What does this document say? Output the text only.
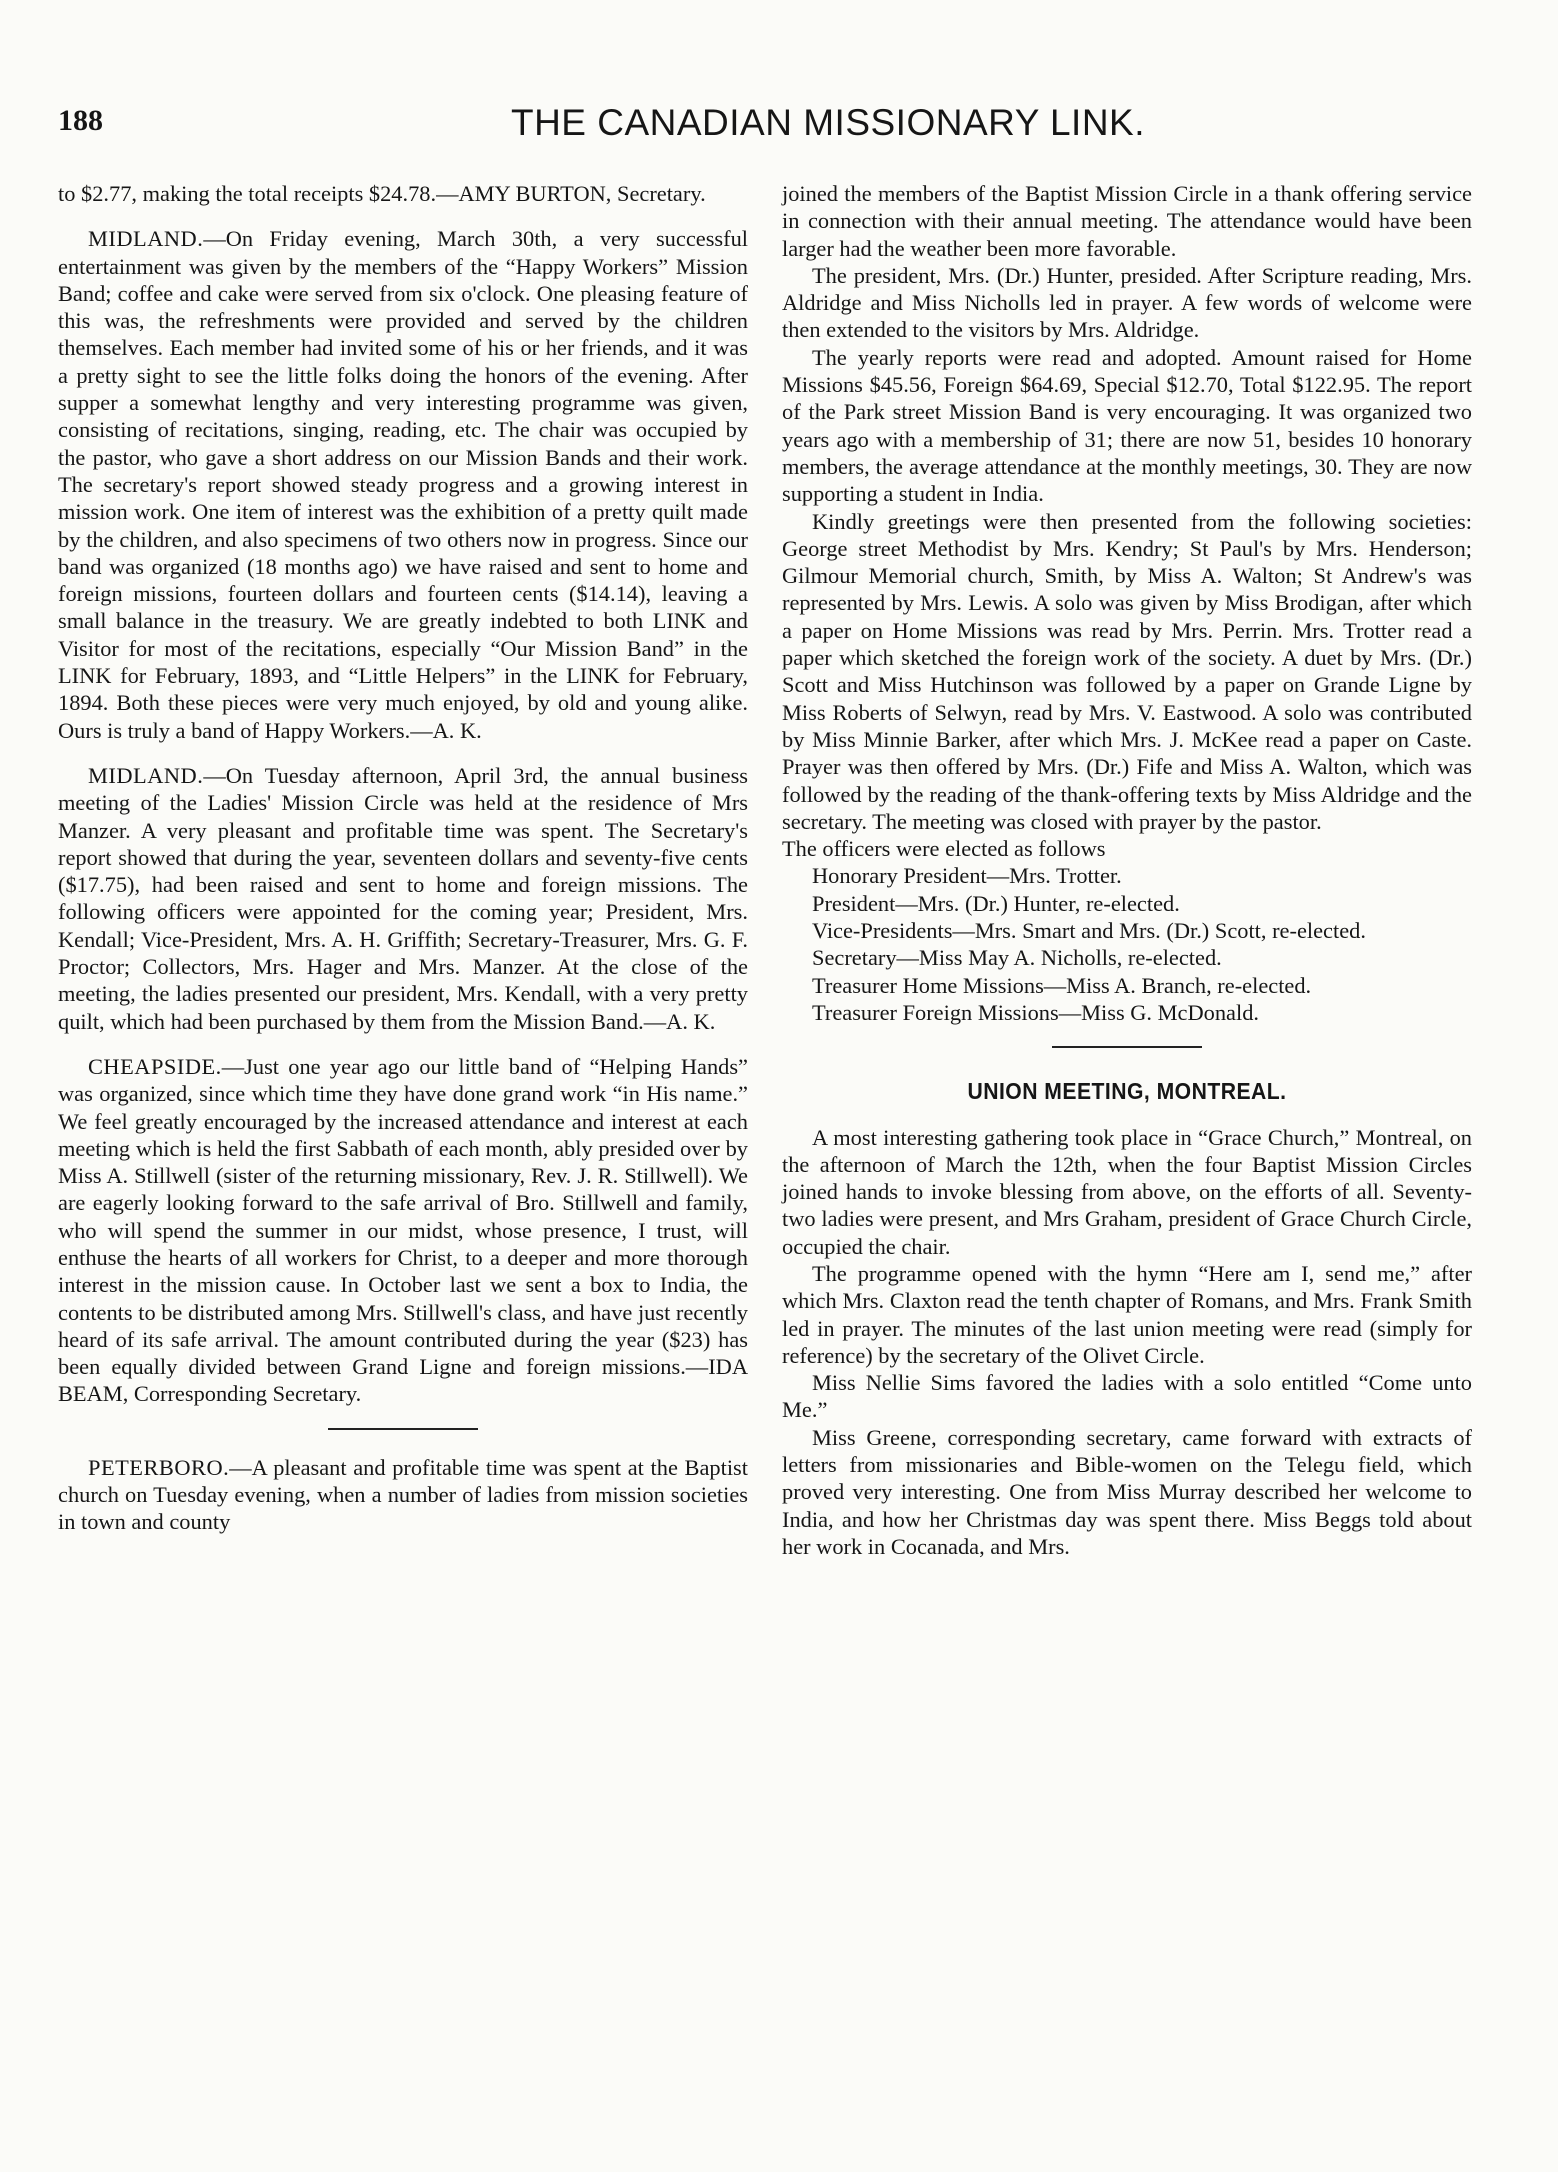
188	THE CANADIAN MISSIONARY LINK.

to $2.77, making the total receipts $24.78.—AMY BURTON, Secretary.

MIDLAND.—On Friday evening, March 30th, a very successful entertainment was given by the members of the “Happy Workers” Mission Band; coffee and cake were served from six o'clock. One pleasing feature of this was, the refreshments were provided and served by the children themselves. Each member had invited some of his or her friends, and it was a pretty sight to see the little folks doing the honors of the evening. After supper a somewhat lengthy and very interesting programme was given, consisting of recitations, singing, reading, etc. The chair was occupied by the pastor, who gave a short address on our Mission Bands and their work. The secretary's report showed steady progress and a growing interest in mission work. One item of interest was the exhibition of a pretty quilt made by the children, and also specimens of two others now in progress. Since our band was organized (18 months ago) we have raised and sent to home and foreign missions, fourteen dollars and fourteen cents ($14.14), leaving a small balance in the treasury. We are greatly indebted to both LINK and Visitor for most of the recitations, especially “Our Mission Band” in the LINK for February, 1893, and “Little Helpers” in the LINK for February, 1894. Both these pieces were very much enjoyed, by old and young alike. Ours is truly a band of Happy Workers.—A. K.

MIDLAND.—On Tuesday afternoon, April 3rd, the annual business meeting of the Ladies' Mission Circle was held at the residence of Mrs Manzer. A very pleasant and profitable time was spent. The Secretary's report showed that during the year, seventeen dollars and seventy-five cents ($17.75), had been raised and sent to home and foreign missions. The following officers were appointed for the coming year; President, Mrs. Kendall; Vice-President, Mrs. A. H. Griffith; Secretary-Treasurer, Mrs. G. F. Proctor; Collectors, Mrs. Hager and Mrs. Manzer. At the close of the meeting, the ladies presented our president, Mrs. Kendall, with a very pretty quilt, which had been purchased by them from the Mission Band.—A. K.

CHEAPSIDE.—Just one year ago our little band of “Helping Hands” was organized, since which time they have done grand work “in His name.” We feel greatly encouraged by the increased attendance and interest at each meeting which is held the first Sabbath of each month, ably presided over by Miss A. Stillwell (sister of the returning missionary, Rev. J. R. Stillwell). We are eagerly looking forward to the safe arrival of Bro. Stillwell and family, who will spend the summer in our midst, whose presence, I trust, will enthuse the hearts of all workers for Christ, to a deeper and more thorough interest in the mission cause. In October last we sent a box to India, the contents to be distributed among Mrs. Stillwell's class, and have just recently heard of its safe arrival. The amount contributed during the year ($23) has been equally divided between Grand Ligne and foreign missions.—IDA BEAM, Corresponding Secretary.

PETERBORO.—A pleasant and profitable time was spent at the Baptist church on Tuesday evening, when a number of ladies from mission societies in town and county

joined the members of the Baptist Mission Circle in a thank offering service in connection with their annual meeting. The attendance would have been larger had the weather been more favorable.

The president, Mrs. (Dr.) Hunter, presided. After Scripture reading, Mrs. Aldridge and Miss Nicholls led in prayer. A few words of welcome were then extended to the visitors by Mrs. Aldridge.

The yearly reports were read and adopted. Amount raised for Home Missions $45.56, Foreign $64.69, Special $12.70, Total $122.95. The report of the Park street Mission Band is very encouraging. It was organized two years ago with a membership of 31; there are now 51, besides 10 honorary members, the average attendance at the monthly meetings, 30. They are now supporting a student in India.

Kindly greetings were then presented from the following societies: George street Methodist by Mrs. Kendry; St Paul's by Mrs. Henderson; Gilmour Memorial church, Smith, by Miss A. Walton; St Andrew's was represented by Mrs. Lewis. A solo was given by Miss Brodigan, after which a paper on Home Missions was read by Mrs. Perrin. Mrs. Trotter read a paper which sketched the foreign work of the society. A duet by Mrs. (Dr.) Scott and Miss Hutchinson was followed by a paper on Grande Ligne by Miss Roberts of Selwyn, read by Mrs. V. Eastwood. A solo was contributed by Miss Minnie Barker, after which Mrs. J. McKee read a paper on Caste. Prayer was then offered by Mrs. (Dr.) Fife and Miss A. Walton, which was followed by the reading of the thank-offering texts by Miss Aldridge and the secretary. The meeting was closed with prayer by the pastor.

The officers were elected as follows

Honorary President—Mrs. Trotter.

President—Mrs. (Dr.) Hunter, re-elected.

Vice-Presidents—Mrs. Smart and Mrs. (Dr.) Scott, re-elected.

Secretary—Miss May A. Nicholls, re-elected.

Treasurer Home Missions—Miss A. Branch, re-elected.

Treasurer Foreign Missions—Miss G. McDonald.

UNION MEETING, MONTREAL.

A most interesting gathering took place in “Grace Church,” Montreal, on the afternoon of March the 12th, when the four Baptist Mission Circles joined hands to invoke blessing from above, on the efforts of all. Seventy-two ladies were present, and Mrs Graham, president of Grace Church Circle, occupied the chair.

The programme opened with the hymn “Here am I, send me,” after which Mrs. Claxton read the tenth chapter of Romans, and Mrs. Frank Smith led in prayer. The minutes of the last union meeting were read (simply for reference) by the secretary of the Olivet Circle.

Miss Nellie Sims favored the ladies with a solo entitled “Come unto Me.”

Miss Greene, corresponding secretary, came forward with extracts of letters from missionaries and Bible-women on the Telegu field, which proved very interesting. One from Miss Murray described her welcome to India, and how her Christmas day was spent there. Miss Beggs told about her work in Cocanada, and Mrs.
